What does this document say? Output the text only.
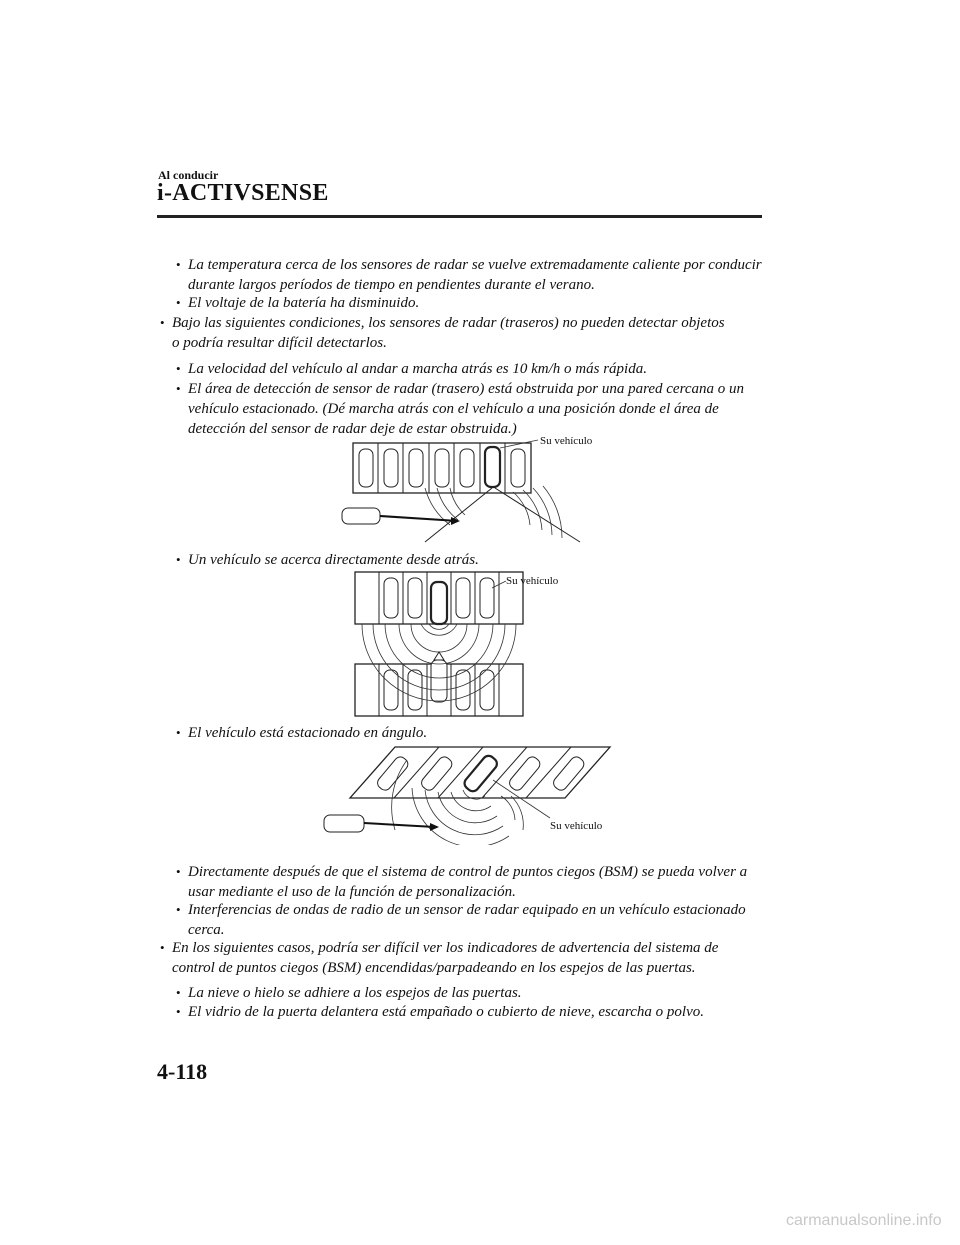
Al conducir
i-ACTIVSENSE
• La temperatura cerca de los sensores de radar se vuelve extremadamente caliente por conducir durante largos períodos de tiempo en pendientes durante el verano.
• El voltaje de la batería ha disminuido.
• Bajo las siguientes condiciones, los sensores de radar (traseros) no pueden detectar objetos o podría resultar difícil detectarlos.
• La velocidad del vehículo al andar a marcha atrás es 10 km/h o más rápida.
• El área de detección de sensor de radar (trasero) está obstruida por una pared cercana o un vehículo estacionado. (Dé marcha atrás con el vehículo a una posición donde el área de detección del sensor de radar deje de estar obstruida.)
Su vehículo
• Un vehículo se acerca directamente desde atrás.
Su vehículo
• El vehículo está estacionado en ángulo.
Su vehículo
• Directamente después de que el sistema de control de puntos ciegos (BSM) se pueda volver a usar mediante el uso de la función de personalización.
• Interferencias de ondas de radio de un sensor de radar equipado en un vehículo estacionado cerca.
• En los siguientes casos, podría ser difícil ver los indicadores de advertencia del sistema de control de puntos ciegos (BSM) encendidas/parpadeando en los espejos de las puertas.
• La nieve o hielo se adhiere a los espejos de las puertas.
• El vidrio de la puerta delantera está empañado o cubierto de nieve, escarcha o polvo.
4-118
carmanualsonline.info
